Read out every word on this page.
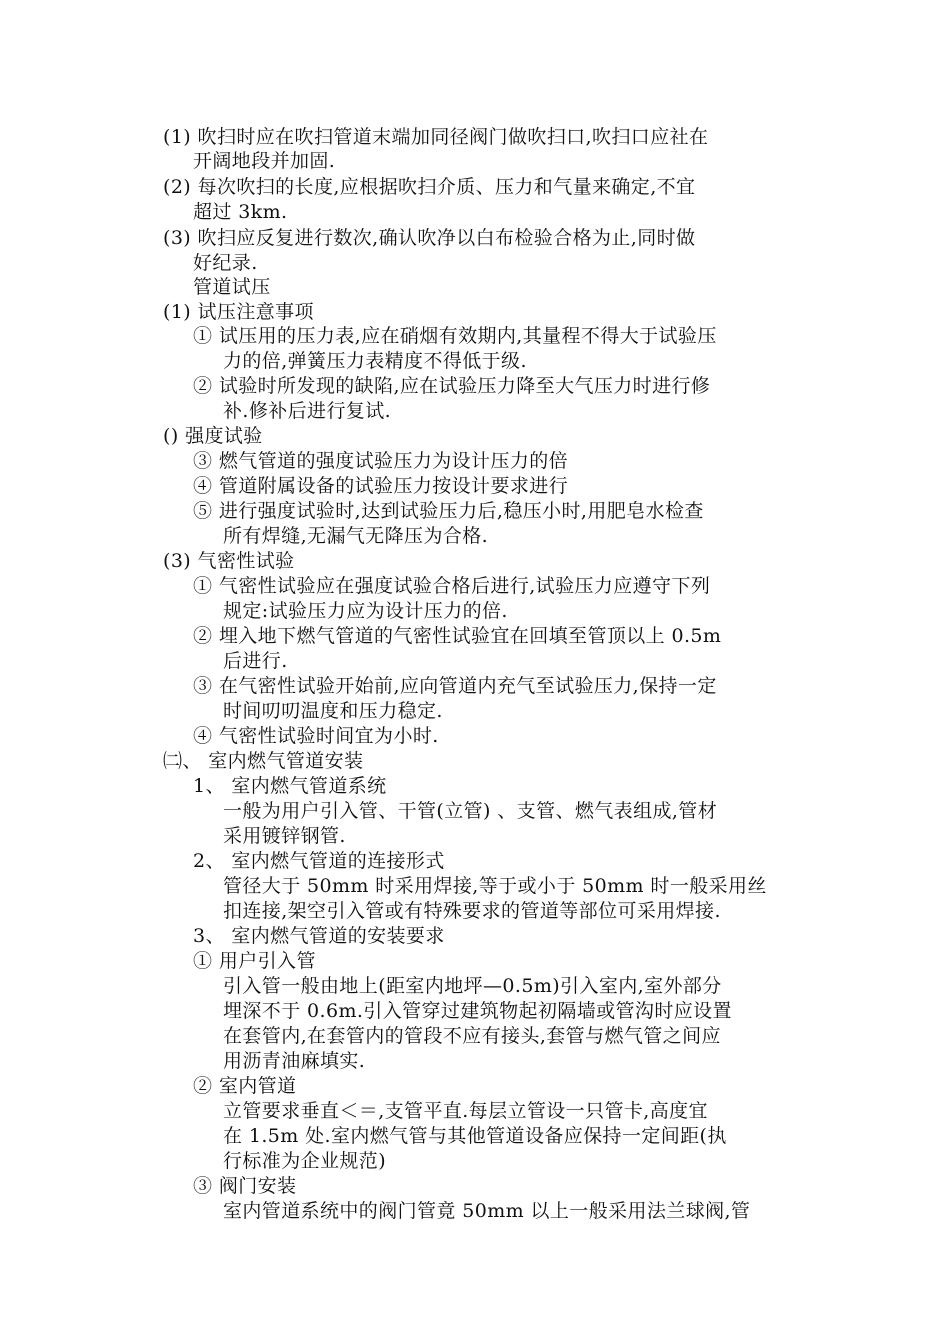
(1) 吹扫时应在吹扫管道末端加同径阀门做吹扫口,吹扫口应社在
开阔地段并加固.
(2) 每次吹扫的长度,应根据吹扫介质、压力和气量来确定,不宜
超过 3km.
(3) 吹扫应反复进行数次,确认吹净以白布检验合格为止,同时做
好纪录.
管道试压
(1) 试压注意事项
① 试压用的压力表,应在硝烟有效期内,其量程不得大于试验压
力的倍,弹簧压力表精度不得低于级.
② 试验时所发现的缺陷,应在试验压力降至大气压力时进行修
补.修补后进行复试.
() 强度试验
③ 燃气管道的强度试验压力为设计压力的倍
④ 管道附属设备的试验压力按设计要求进行
⑤ 进行强度试验时,达到试验压力后,稳压小时,用肥皂水检查
所有焊缝,无漏气无降压为合格.
(3) 气密性试验
① 气密性试验应在强度试验合格后进行,试验压力应遵守下列
规定:试验压力应为设计压力的倍.
② 埋入地下燃气管道的气密性试验宜在回填至管顶以上 0.5m
后进行.
③ 在气密性试验开始前,应向管道内充气至试验压力,保持一定
时间叨叨温度和压力稳定.
④ 气密性试验时间宜为小时.
㈡、 室内燃气管道安装
1、 室内燃气管道系统
一般为用户引入管、干管(立管) 、支管、燃气表组成,管材
采用镀锌钢管.
2、 室内燃气管道的连接形式
管径大于 50mm 时采用焊接,等于或小于 50mm 时一般采用丝
扣连接,架空引入管或有特殊要求的管道等部位可采用焊接.
3、 室内燃气管道的安装要求
① 用户引入管
引入管一般由地上(距室内地坪—0.5m)引入室内,室外部分
埋深不于 0.6m.引入管穿过建筑物起初隔墙或管沟时应设置
在套管内,在套管内的管段不应有接头,套管与燃气管之间应
用沥青油麻填实.
② 室内管道
立管要求垂直＜＝,支管平直.每层立管设一只管卡,高度宜
在 1.5m 处.室内燃气管与其他管道设备应保持一定间距(执
行标准为企业规范)
③ 阀门安装
室内管道系统中的阀门管竟 50mm 以上一般采用法兰球阀,管
